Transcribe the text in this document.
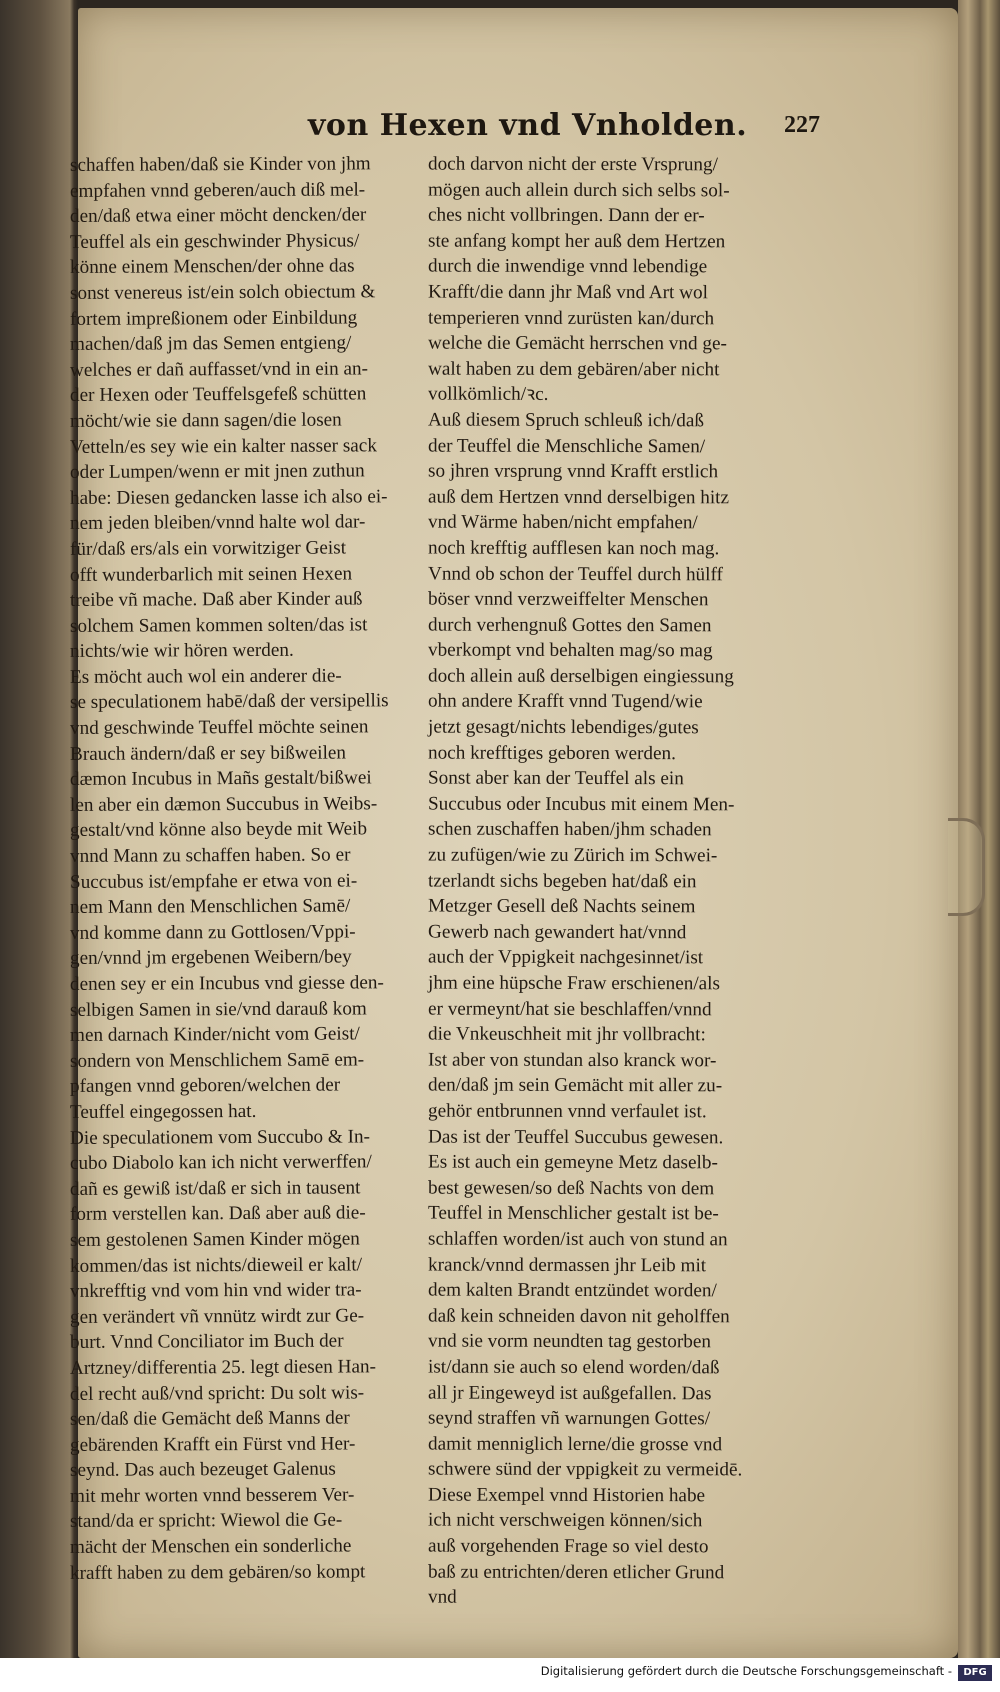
von Hexen vnd Vnholden. 227
schaffen haben/daß sie Kinder von jhm
empfahen vnnd geberen/auch diß mel-
den/daß etwa einer möcht dencken/der
Teuffel als ein geschwinder Physicus/
könne einem Menschen/der ohne das
sonst venereus ist/ein solch obiectum &
fortem impreßionem oder Einbildung
machen/daß jm das Semen entgieng/
welches er dañ auffasset/vnd in ein an-
der Hexen oder Teuffelsgefeß schütten
möcht/wie sie dann sagen/die losen
Vetteln/es sey wie ein kalter nasser sack
oder Lumpen/wenn er mit jnen zuthun
habe: Diesen gedancken lasse ich also ei-
nem jeden bleiben/vnnd halte wol dar-
für/daß ers/als ein vorwitziger Geist
offt wunderbarlich mit seinen Hexen
treibe vñ mache. Daß aber Kinder auß
solchem Samen kommen solten/das ist
nichts/wie wir hören werden.
Es möcht auch wol ein anderer die-
se speculationem habē/daß der versipellis
vnd geschwinde Teuffel möchte seinen
Brauch ändern/daß er sey bißweilen
dæmon Incubus in Mañs gestalt/bißwei
len aber ein dæmon Succubus in Weibs-
gestalt/vnd könne also beyde mit Weib
vnnd Mann zu schaffen haben. So er
Succubus ist/empfahe er etwa von ei-
nem Mann den Menschlichen Samē/
vnd komme dann zu Gottlosen/Vppi-
gen/vnnd jm ergebenen Weibern/bey
denen sey er ein Incubus vnd giesse den-
selbigen Samen in sie/vnd darauß kom
men darnach Kinder/nicht vom Geist/
sondern von Menschlichem Samē em-
pfangen vnnd geboren/welchen der
Teuffel eingegossen hat.
Die speculationem vom Succubo & In-
cubo Diabolo kan ich nicht verwerffen/
dañ es gewiß ist/daß er sich in tausent
form verstellen kan. Daß aber auß die-
sem gestolenen Samen Kinder mögen
kommen/das ist nichts/dieweil er kalt/
vnkrefftig vnd vom hin vnd wider tra-
gen verändert vñ vnnütz wirdt zur Ge-
burt. Vnnd Conciliator im Buch der
Artzney/differentia 25. legt diesen Han-
del recht auß/vnd spricht: Du solt wis-
sen/daß die Gemächt deß Manns der
gebärenden Krafft ein Fürst vnd Her-
seynd. Das auch bezeuget Galenus
mit mehr worten vnnd besserem Ver-
stand/da er spricht: Wiewol die Ge-
mächt der Menschen ein sonderliche
krafft haben zu dem gebären/so kompt
doch darvon nicht der erste Vrsprung/
mögen auch allein durch sich selbs sol-
ches nicht vollbringen. Dann der er-
ste anfang kompt her auß dem Hertzen
durch die inwendige vnnd lebendige
Krafft/die dann jhr Maß vnd Art wol
temperieren vnnd zurüsten kan/durch
welche die Gemächt herrschen vnd ge-
walt haben zu dem gebären/aber nicht
vollkömlich/ꝛc.
Auß diesem Spruch schleuß ich/daß
der Teuffel die Menschliche Samen/
so jhren vrsprung vnnd Krafft erstlich
auß dem Hertzen vnnd derselbigen hitz
vnd Wärme haben/nicht empfahen/
noch krefftig aufflesen kan noch mag.
Vnnd ob schon der Teuffel durch hülff
böser vnnd verzweiffelter Menschen
durch verhengnuß Gottes den Samen
vberkompt vnd behalten mag/so mag
doch allein auß derselbigen eingiessung
ohn andere Krafft vnnd Tugend/wie
jetzt gesagt/nichts lebendiges/gutes
noch krefftiges geboren werden.
Sonst aber kan der Teuffel als ein
Succubus oder Incubus mit einem Men-
schen zuschaffen haben/jhm schaden
zu zufügen/wie zu Zürich im Schwei-
tzerlandt sichs begeben hat/daß ein
Metzger Gesell deß Nachts seinem
Gewerb nach gewandert hat/vnnd
auch der Vppigkeit nachgesinnet/ist
jhm eine hüpsche Fraw erschienen/als
er vermeynt/hat sie beschlaffen/vnnd
die Vnkeuschheit mit jhr vollbracht:
Ist aber von stundan also kranck wor-
den/daß jm sein Gemächt mit aller zu-
gehör entbrunnen vnnd verfaulet ist.
Das ist der Teuffel Succubus gewesen.
Es ist auch ein gemeyne Metz daselb-
best gewesen/so deß Nachts von dem
Teuffel in Menschlicher gestalt ist be-
schlaffen worden/ist auch von stund an
kranck/vnnd dermassen jhr Leib mit
dem kalten Brandt entzündet worden/
daß kein schneiden davon nit geholffen
vnd sie vorm neundten tag gestorben
ist/dann sie auch so elend worden/daß
all jr Eingeweyd ist außgefallen. Das
seynd straffen vñ warnungen Gottes/
damit menniglich lerne/die grosse vnd
schwere sünd der vppigkeit zu vermeidē.
Diese Exempel vnnd Historien habe
ich nicht verschweigen können/sich
auß vorgehenden Frage so viel desto
baß zu entrichten/deren etlicher Grund
vnd
Digitalisierung gefördert durch die Deutsche Forschungsgemeinschaft -	DFG
